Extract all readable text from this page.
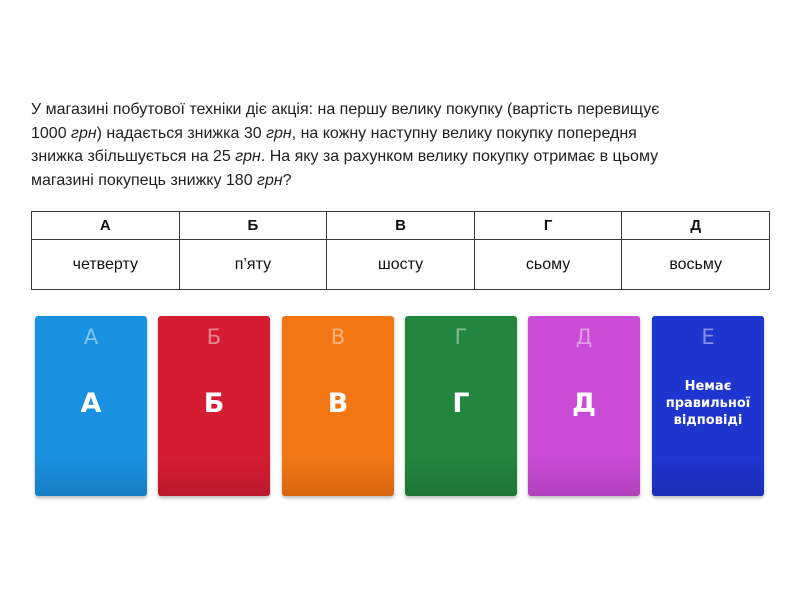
У магазині побутової техніки діє акція: на першу велику покупку (вартість перевищує
1000 грн) надається знижка 30 грн, на кожну наступну велику покупку попередня
знижка збільшується на 25 грн. На яку за рахунком велику покупку отримає в цьому
магазині покупець знижку 180 грн?
А	Б	В	Г	Д
четверту	п’яту	шосту	сьому	восьму
А
А
Б
Б
В
В
Г
Г
Д
Д
Е
Немає
правильної
відповіді
